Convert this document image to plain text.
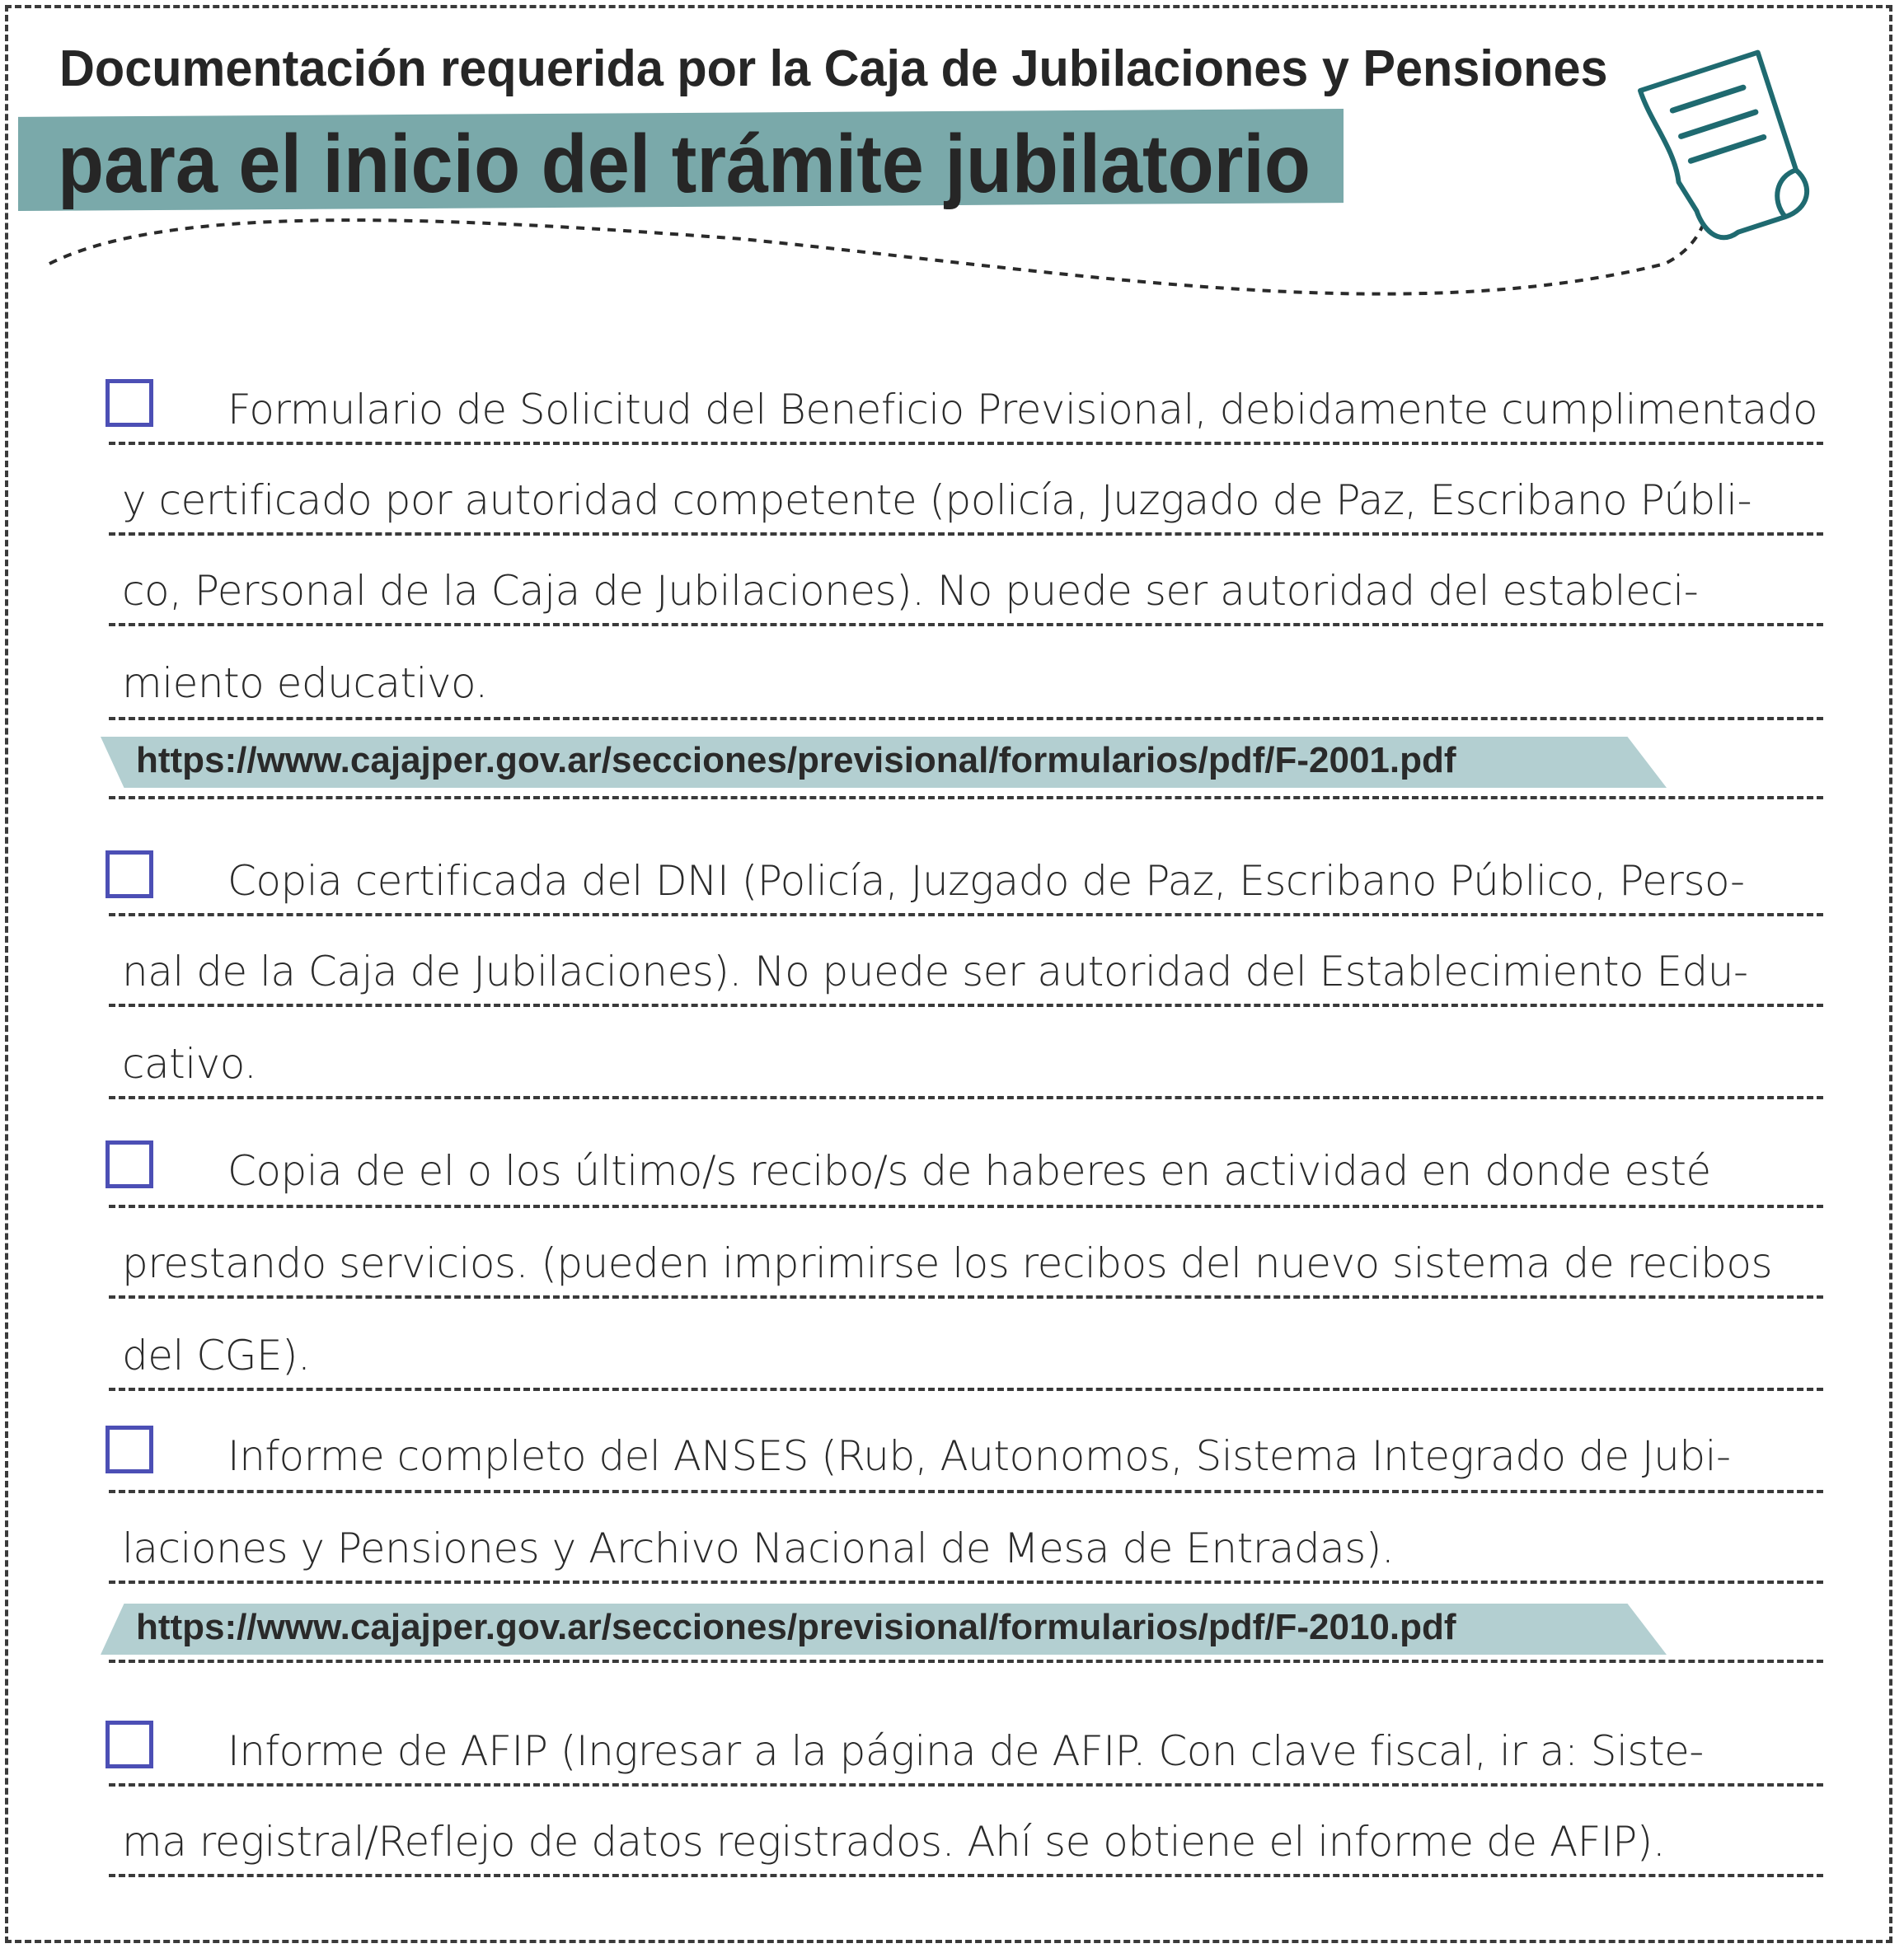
Documentación requerida por la Caja de Jubilaciones y Pensiones
para el inicio del trámite jubilatorio
Formulario de Solicitud del Beneficio Previsional, debidamente cumplimentado
y certificado por autoridad competente (policía, Juzgado de Paz, Escribano Públi-
co, Personal de la Caja de Jubilaciones). No puede ser autoridad del estableci-
miento educativo.
https://www.cajajper.gov.ar/secciones/previsional/formularios/pdf/F-2001.pdf
Copia certificada del DNI (Policía, Juzgado de Paz, Escribano Público, Perso-
nal de la Caja de Jubilaciones). No puede ser autoridad del Establecimiento Edu-
cativo.
Copia de el o los último/s recibo/s de haberes en actividad en donde esté
prestando servicios. (pueden imprimirse los recibos del nuevo sistema de recibos
del CGE).
Informe completo del ANSES (Rub, Autonomos, Sistema Integrado de Jubi-
laciones y Pensiones y Archivo Nacional de Mesa de Entradas).
https://www.cajajper.gov.ar/secciones/previsional/formularios/pdf/F-2010.pdf
Informe de AFIP (Ingresar a la página de AFIP. Con clave fiscal, ir a: Siste-
ma registral/Reflejo de datos registrados. Ahí se obtiene el informe de AFIP).
